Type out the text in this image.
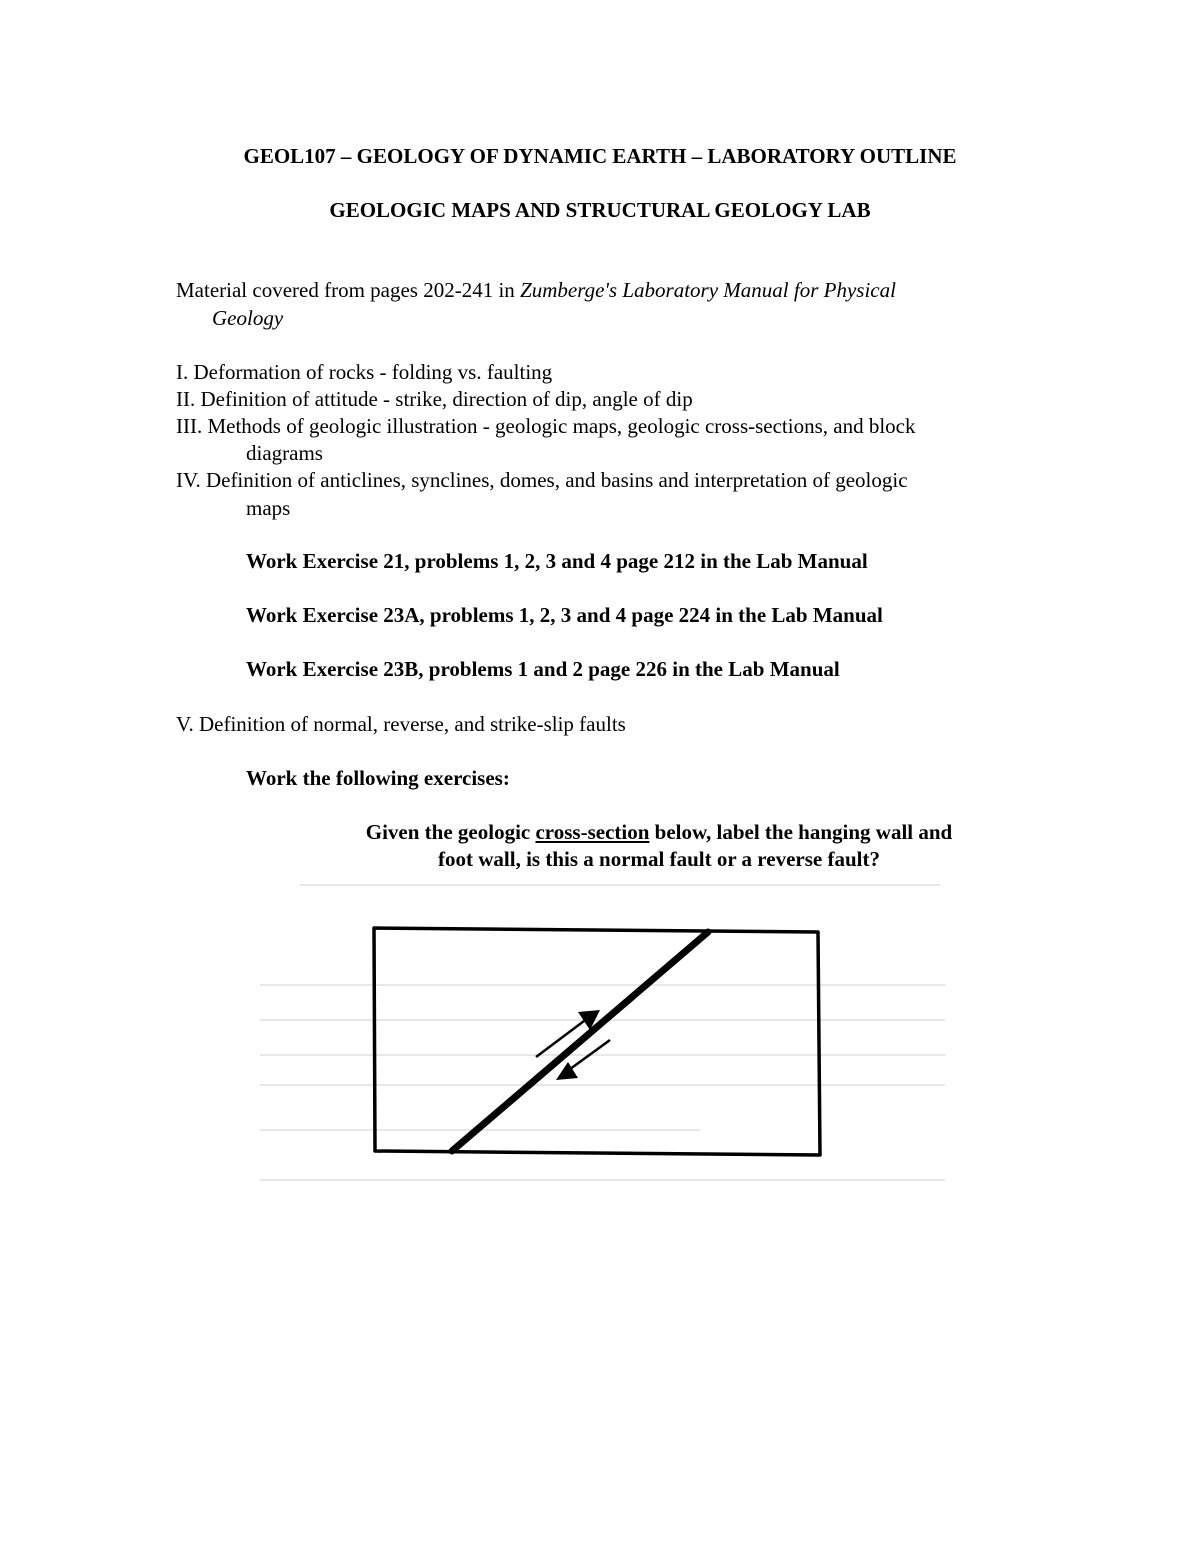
GEOL107 – GEOLOGY OF DYNAMIC EARTH – LABORATORY OUTLINE
GEOLOGIC MAPS AND STRUCTURAL GEOLOGY LAB
Material covered from pages 202-241 in Zumberge's Laboratory Manual for Physical
Geology
I. Deformation of rocks - folding vs. faulting
II. Definition of attitude - strike, direction of dip, angle of dip
III. Methods of geologic illustration - geologic maps, geologic cross-sections, and block
diagrams
IV. Definition of anticlines, synclines, domes, and basins and interpretation of geologic
maps
Work Exercise 21, problems 1, 2, 3 and 4 page 212 in the Lab Manual
Work Exercise 23A, problems 1, 2, 3 and 4 page 224 in the Lab Manual
Work Exercise 23B, problems 1 and 2 page 226 in the Lab Manual
V. Definition of normal, reverse, and strike-slip faults
Work the following exercises:
Given the geologic cross-section below, label the hanging wall and
foot wall, is this a normal fault or a reverse fault?
